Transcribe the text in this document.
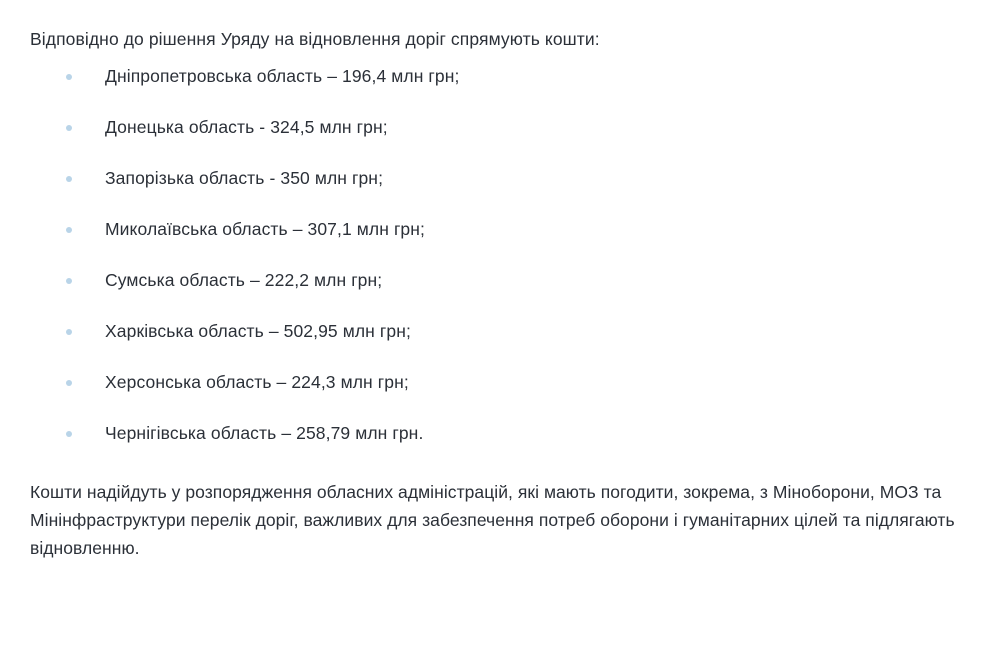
Відповідно до рішення Уряду на відновлення доріг спрямують кошти:

Дніпропетровська область – 196,4 млн грн;
Донецька область - 324,5 млн грн;
Запорізька область - 350 млн грн;
Миколаївська область – 307,1 млн грн;
Сумська область – 222,2 млн грн;
Харківська область – 502,95 млн грн;
Херсонська область – 224,3 млн грн;
Чернігівська область – 258,79 млн грн.

Кошти надійдуть у розпорядження обласних адміністрацій, які мають погодити, зокрема, з Міноборони, МОЗ та Мінінфраструктури перелік доріг, важливих для забезпечення потреб оборони і гуманітарних цілей та підлягають відновленню.
